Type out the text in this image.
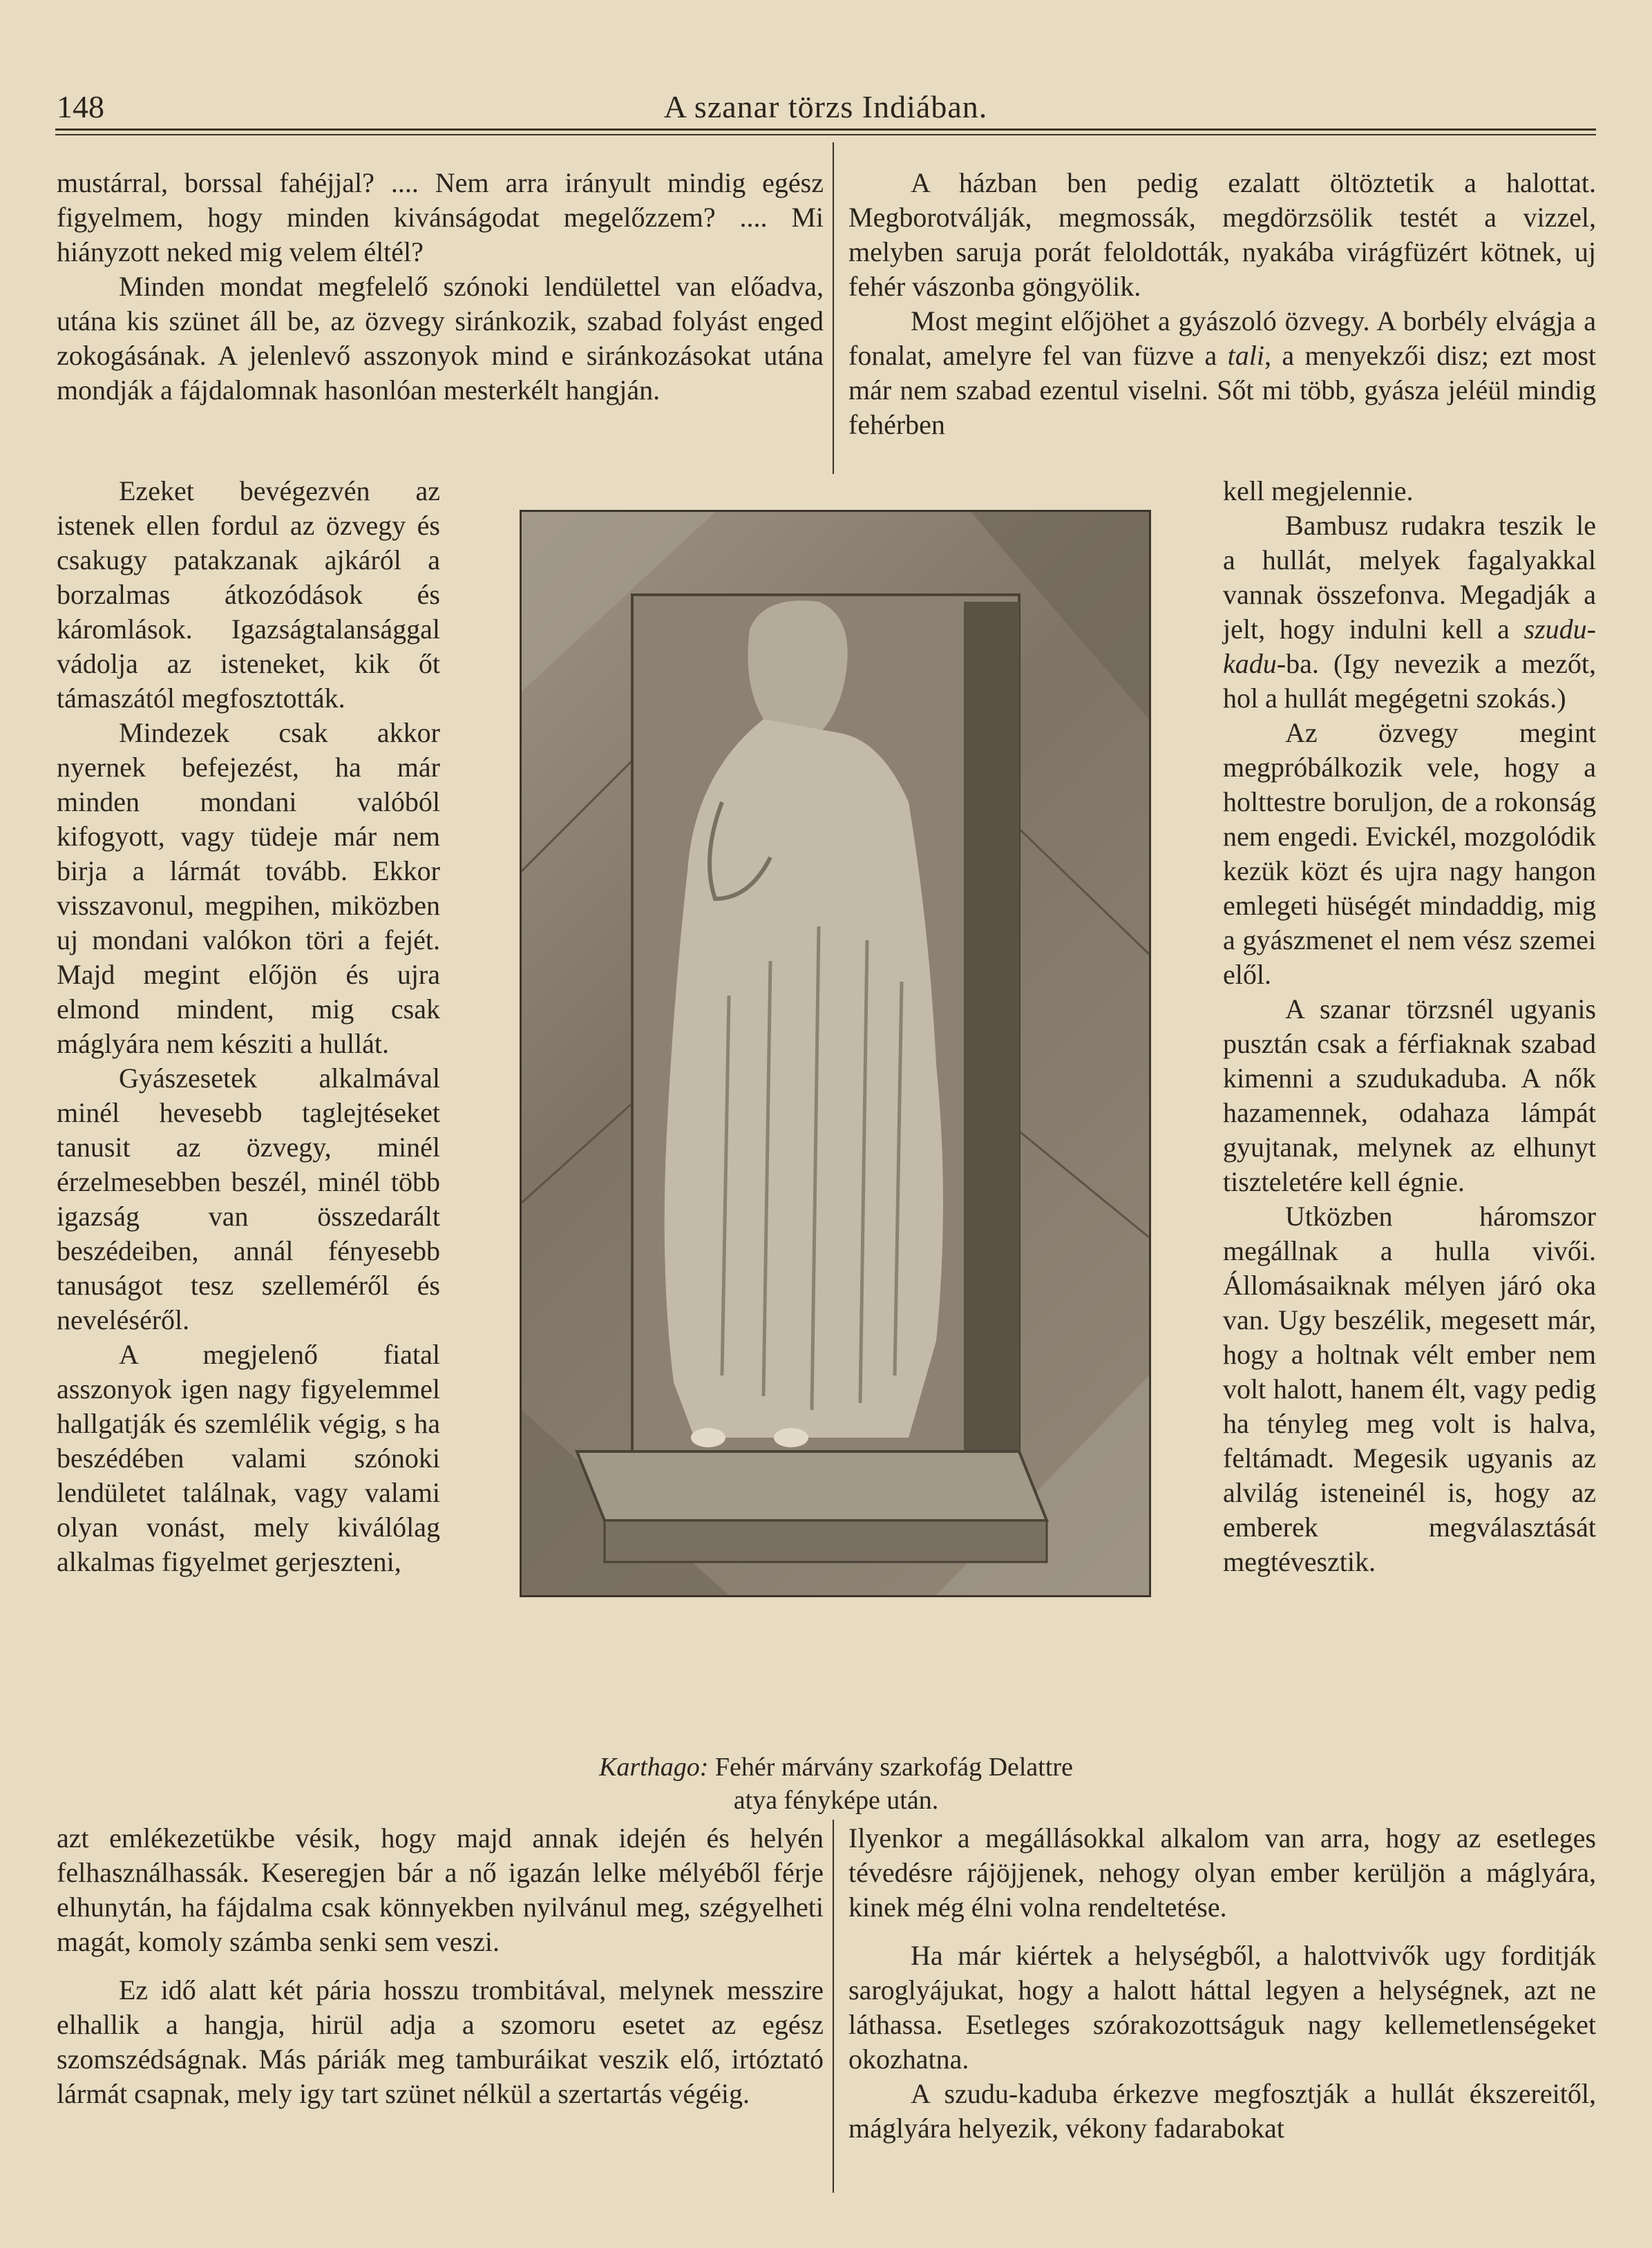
148	A szanar törzs Indiában.

mustárral, borssal fahéjjal? .... Nem arra irányult mindig egész figyelmem, hogy minden kivánságodat megelőzzem? .... Mi hiányzott neked mig velem éltél?

Minden mondat megfelelő szónoki lendülettel van előadva, utána kis szünet áll be, az özvegy siránkozik, szabad folyást enged zokogásának. A jelenlevő asszonyok mind e siránkozásokat utána mondják a fájdalomnak hasonlóan mesterkélt hangján.

Ezeket bevégezvén az istenek ellen fordul az özvegy és csakugy patakzanak ajkáról a borzalmas átkozódások és káromlások. Igazságtalansággal vádolja az isteneket, kik őt támaszától megfosztották.

Mindezek csak akkor nyernek befejezést, ha már minden mondani valóból kifogyott, vagy tüdeje már nem birja a lármát tovább. Ekkor visszavonul, megpihen, miközben uj mondani valókon töri a fejét. Majd megint előjön és ujra elmond mindent, mig csak máglyára nem késziti a hullát.

Gyászesetek alkalmával minél hevesebb taglejtéseket tanusit az özvegy, minél érzelmesebben beszél, minél több igazság van összedarált beszédeiben, annál fényesebb tanuságot tesz szelleméről és neveléséről.

A megjelenő fiatal asszonyok igen nagy figyelemmel hallgatják és szemlélik végig, s ha beszédében valami szónoki lendületet találnak, vagy valami olyan vonást, mely kiválólag alkalmas figyelmet gerjeszteni,

Karthago: Fehér márvány szarkofág Delattre
atya fényképe után.

A házban ben pedig ezalatt öltöztetik a halottat. Megborotválják, megmossák, megdörzsölik testét a vizzel, melyben saruja porát feloldották, nyakába virágfüzért kötnek, uj fehér vászonba göngyölik.

Most megint előjöhet a gyászoló özvegy. A borbély elvágja a fonalat, amelyre fel van füzve a tali, a menyekzői disz; ezt most már nem szabad ezentul viselni. Sőt mi több, gyásza jeléül mindig fehérben

kell megjelennie.

Bambusz rudakra teszik le a hullát, melyek fagalyakkal vannak összefonva. Megadják a jelt, hogy indulni kell a szudu-kadu-ba. (Igy nevezik a mezőt, hol a hullát megégetni szokás.)

Az özvegy megint megpróbálkozik vele, hogy a holttestre boruljon, de a rokonság nem engedi. Evickél, mozgolódik kezük közt és ujra nagy hangon emlegeti hüségét mindaddig, mig a gyászmenet el nem vész szemei elől.

A szanar törzsnél ugyanis pusztán csak a férfiaknak szabad kimenni a szudukaduba. A nők hazamennek, odahaza lámpát gyujtanak, melynek az elhunyt tiszteletére kell égnie.

Utközben háromszor megállnak a hulla vivői. Állomásaiknak mélyen járó oka van. Ugy beszélik, megesett már, hogy a holtnak vélt ember nem volt halott, hanem élt, vagy pedig ha tényleg meg volt is halva, feltámadt. Megesik ugyanis az alvilág isteneinél is, hogy az emberek megválasztását megtévesztik.

azt emlékezetükbe vésik, hogy majd annak idején és helyén felhasználhassák. Keseregjen bár a nő igazán lelke mélyéből férje elhunytán, ha fájdalma csak könnyekben nyilvánul meg, szégyelheti magát, komoly számba senki sem veszi.

Ez idő alatt két pária hosszu trombitával, melynek messzire elhallik a hangja, hirül adja a szomoru esetet az egész szomszédságnak. Más páriák meg tamburáikat veszik elő, irtóztató lármát csapnak, mely igy tart szünet nélkül a szertartás végéig.

Ilyenkor a megállásokkal alkalom van arra, hogy az esetleges tévedésre rájöjjenek, nehogy olyan ember kerüljön a máglyára, kinek még élni volna rendeltetése.

Ha már kiértek a helységből, a halottvivők ugy forditják saroglyájukat, hogy a halott háttal legyen a helységnek, azt ne láthassa. Esetleges szórakozottságuk nagy kellemetlenségeket okozhatna.

A szudu-kaduba érkezve megfosztják a hullát ékszereitől, máglyára helyezik, vékony fadarabokat
